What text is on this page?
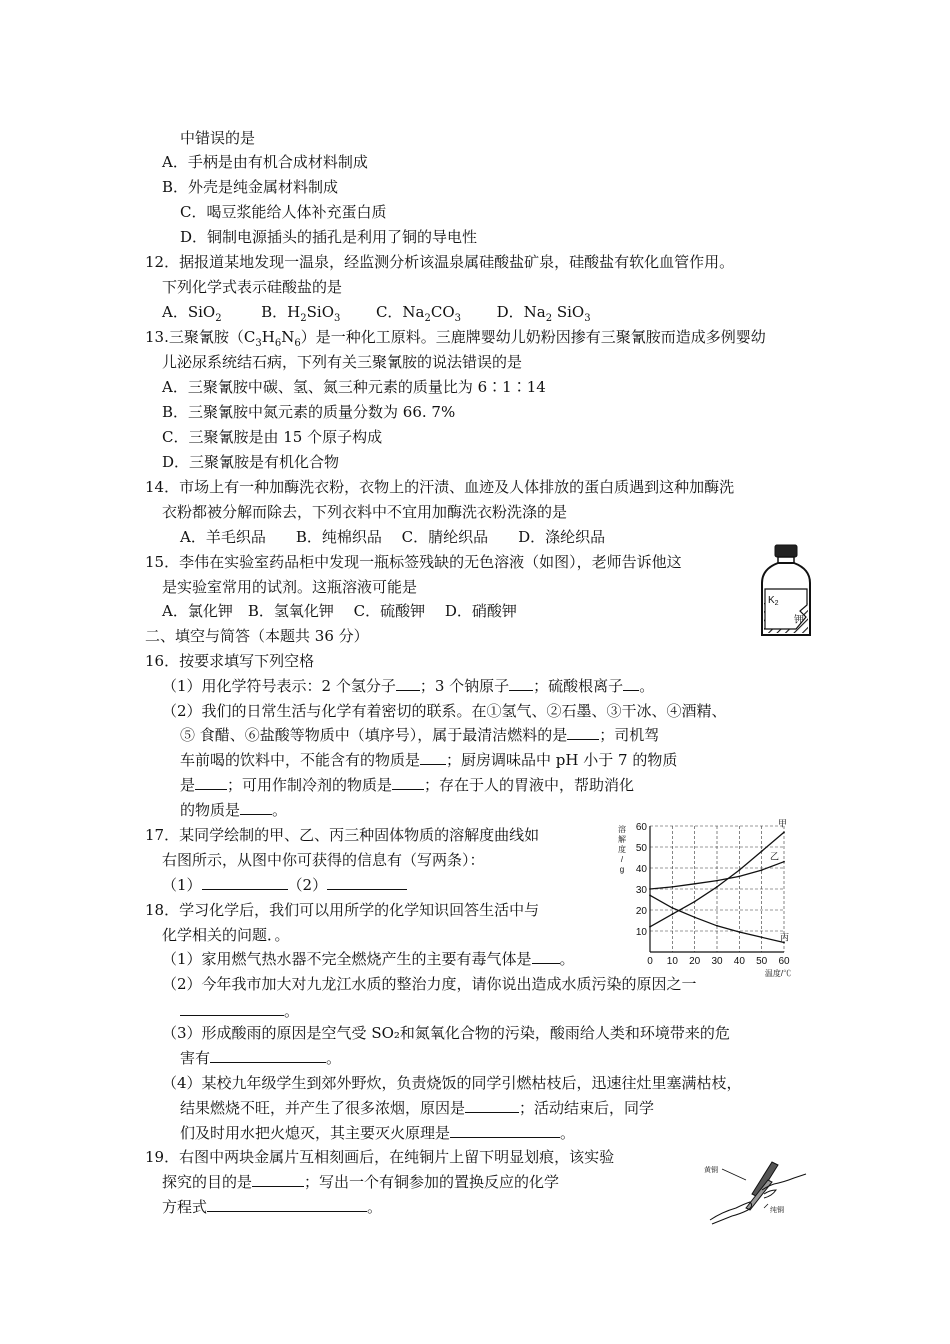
中错误的是
A．手柄是由有机合成材料制成
B．外壳是纯金属材料制成
C．喝豆浆能给人体补充蛋白质
D．铜制电源插头的插孔是利用了铜的导电性
12．据报道某地发现一温泉，经监测分析该温泉属硅酸盐矿泉，硅酸盐有软化血管作用。
下列化学式表示硅酸盐的是
A．SiO$_2$	B．$H_2SiO_3$ C．$Na_2CO_3$ D．$Na_2$ SiO$_3$
13.三聚氰胺$(C_3H_6N_6)$是一种化工原料。三鹿牌婴幼儿奶粉因掺有三聚氰胺而造成多例婴幼
儿泌尿系统结石病，下列有关三聚氰胺的说法错误的是
A．三聚氰胺中碳、氢、氮三种元素的质量比为 6∶1∶14
B．三聚氰胺中氮元素的质量分数为 66. 7%
C．三聚氰胺是由 15 个原子构成
D．三聚氰胺是有机化合物
14．市场上有一种加酶洗衣粉，衣物上的汗渍、血迹及人体排放的蛋白质遇到这种加酶洗
衣粉都被分解而除去，下列衣料中不宜用加酶洗衣粉洗涤的是
A．羊毛织品　　B．纯棉织品　 C．腈纶织品　　D．涤纶织品
15．李伟在实验室药品柜中发现一瓶标签残缺的无色溶液（如图），老师告诉他这
是实验室常用的试剂。这瓶溶液可能是
A．氯化钾　B．氢氧化钾　 C．硫酸钾　 D．硝酸钾
$K_2$
钾
二、填空与简答（本题共 36 分）
16．按要求填写下列空格
（1）用化学符号表示：2 个氢分子 ；3 个钠原子 ；硫酸根离子 。
（2）我们的日常生活与化学有着密切的联系。在①氢气、②石墨、③干冰、④酒精、
⑤ 食醋、⑥盐酸等物质中（填序号），属于最清洁燃料的是 ；司机驾
车前喝的饮料中，不能含有的物质是 ；厨房调味品中 pH 小于 7 的物质
是 ；可用作制冷剂的物质是 ；存在于人的胃液中，帮助消化
的物质是 。
17．某同学绘制的甲、乙、丙三种固体物质的溶解度曲线如
右图所示，从图中你可获得的信息有（写两条）：
（1）	（2）
0 10 20 30 40 50 60
10
20
30
40
50
60
溶
解
度
/
g
温度/℃
甲
乙
丙
18．学习化学后，我们可以用所学的化学知识回答生活中与
化学相关的问题．。
（1）家用燃气热水器不完全燃烧产生的主要有毒气体是 。
（2）今年我市加大对九龙江水质的整治力度，请你说出造成水质污染的原因之一
。
（3）形成酸雨的原因是空气受 SO₂和氮氧化合物的污染，酸雨给人类和环境带来的危
害有	。
（4）某校九年级学生到郊外野炊，负责烧饭的同学引燃枯枝后，迅速往灶里塞满枯枝，
结果燃烧不旺，并产生了很多浓烟，原因是	；活动结束后，同学
们及时用水把火熄灭，其主要灭火原理是	。
19．右图中两块金属片互相刻画后，在纯铜片上留下明显划痕，该实验
探究的目的是	；写出一个有铜参加的置换反应的化学
方程式	。
黄铜
纯铜
